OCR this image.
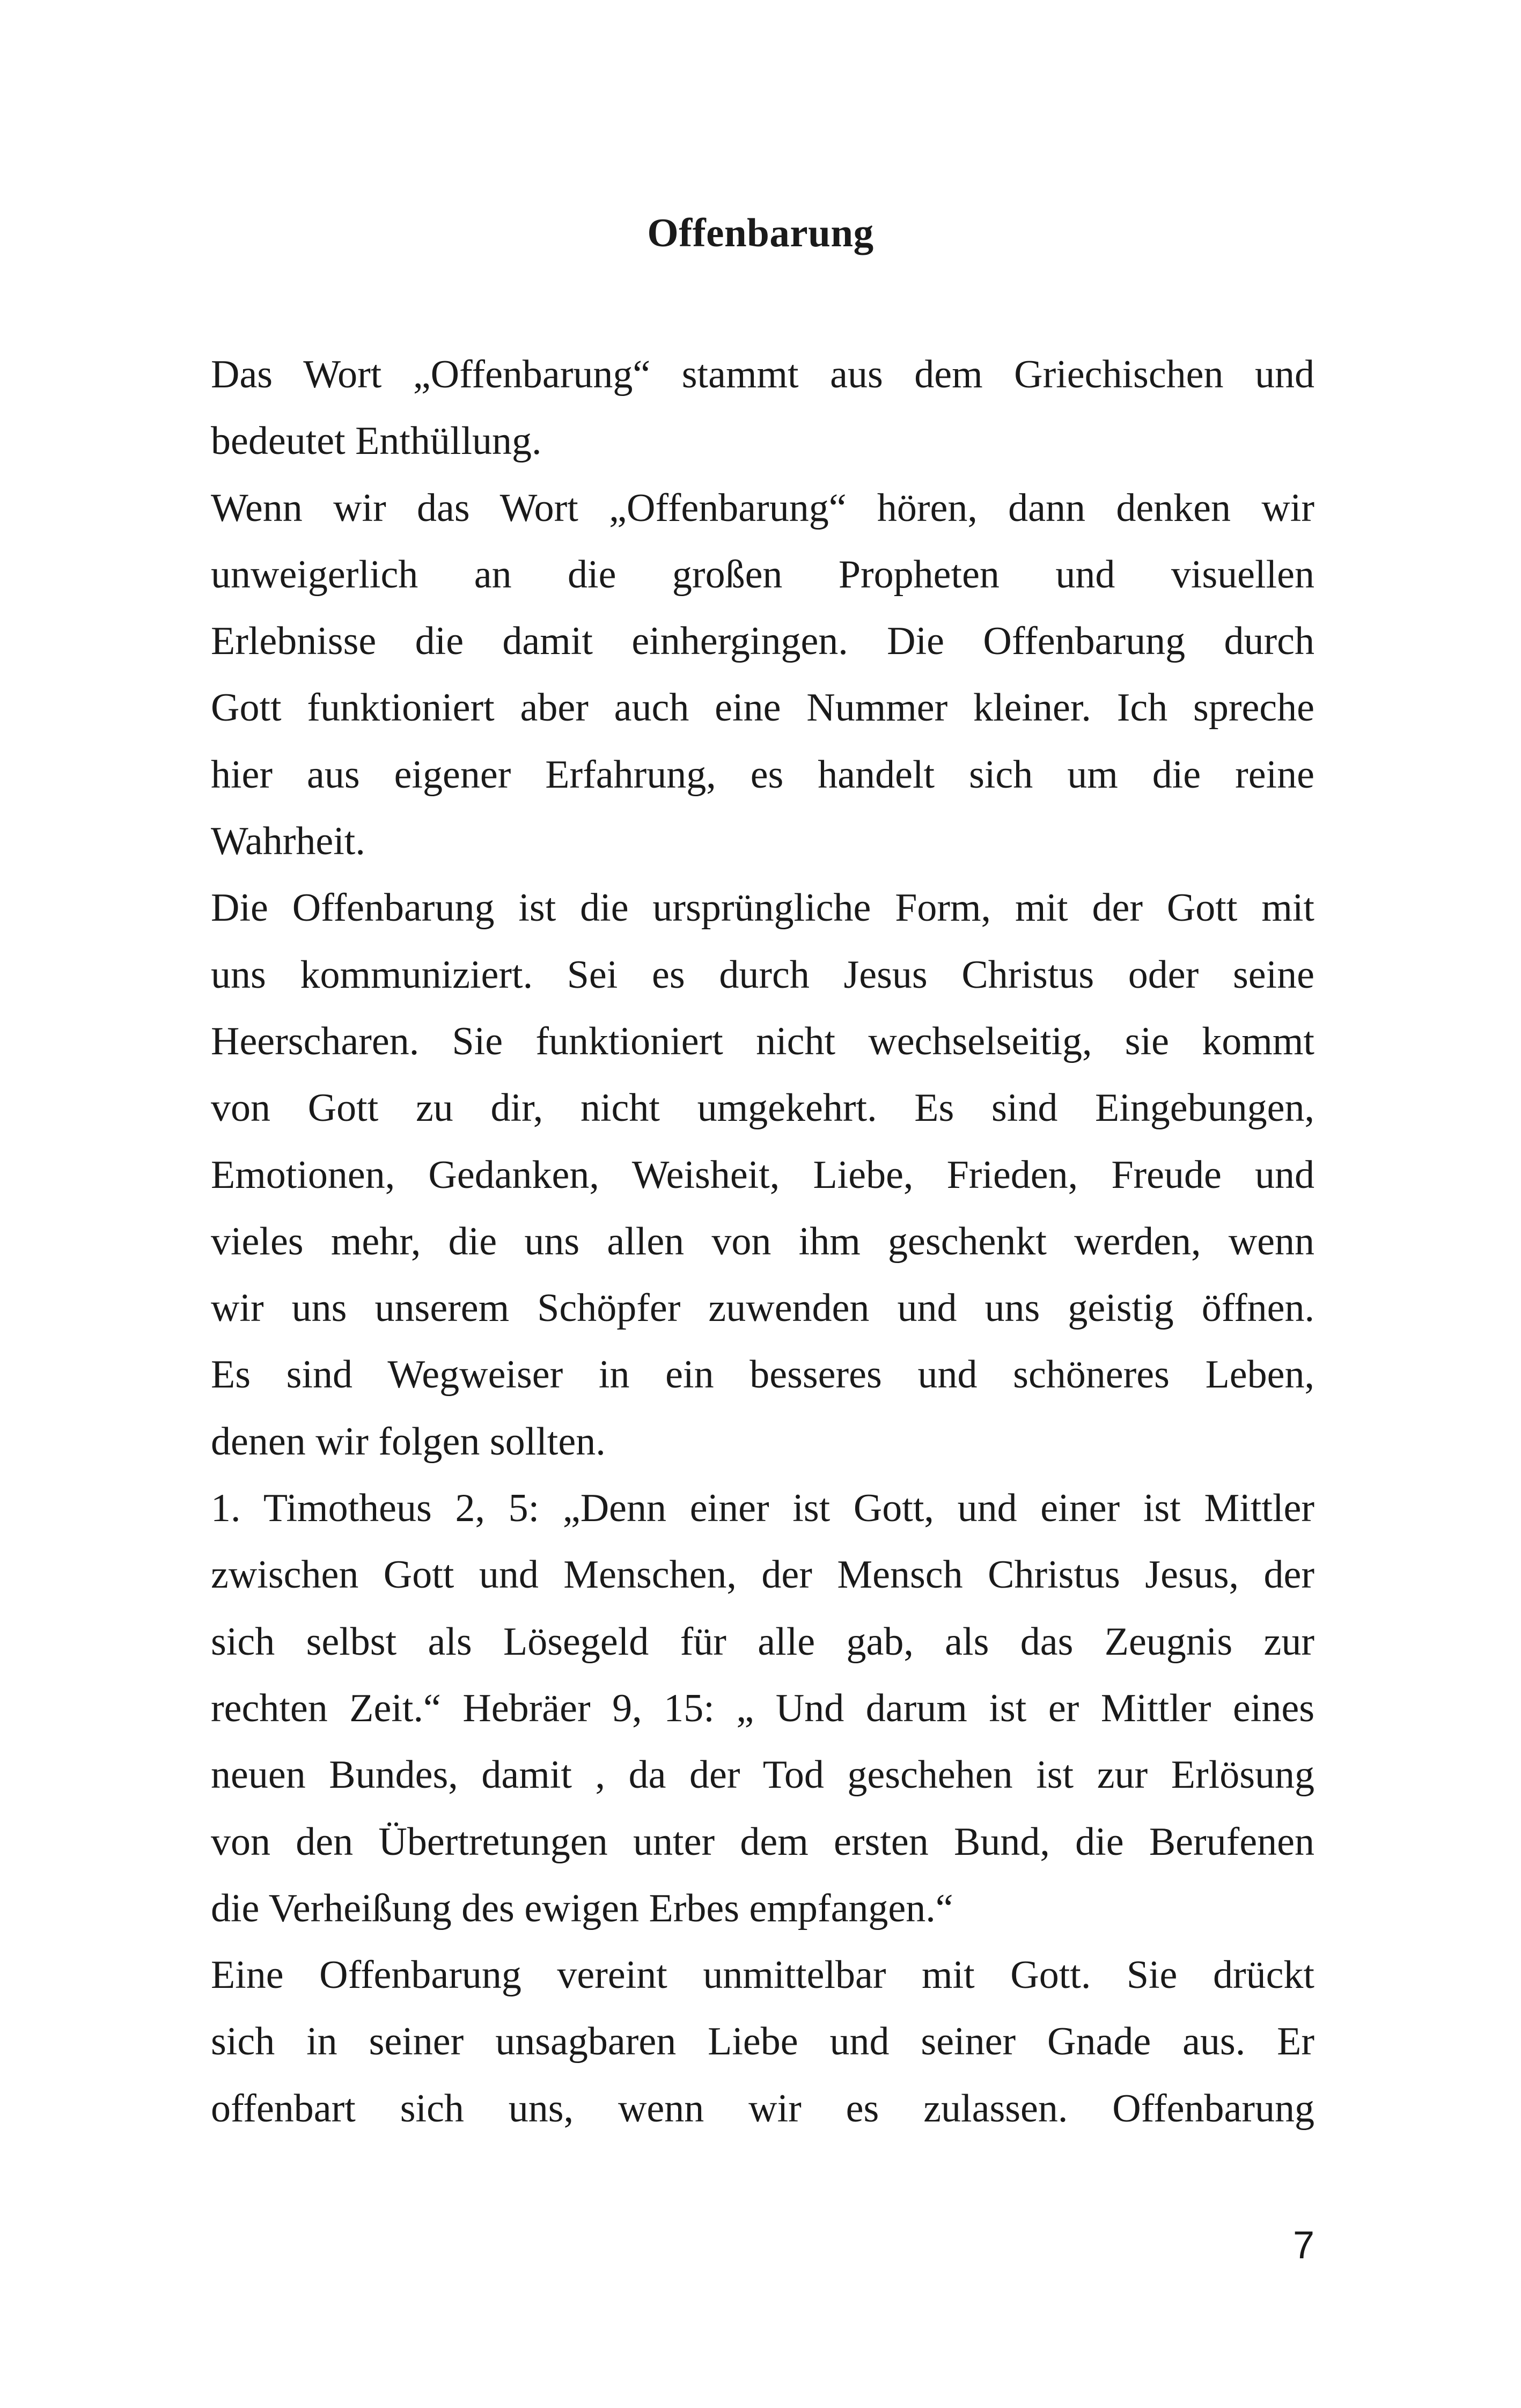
Offenbarung
Das Wort „Offenbarung“ stammt aus dem Griechischen und
bedeutet Enthüllung.
Wenn wir das Wort „Offenbarung“ hören, dann denken wir
unweigerlich an die großen Propheten und visuellen
Erlebnisse die damit einhergingen. Die Offenbarung durch
Gott funktioniert aber auch eine Nummer kleiner. Ich spreche
hier aus eigener Erfahrung, es handelt sich um die reine
Wahrheit.
Die Offenbarung ist die ursprüngliche Form, mit der Gott mit
uns kommuniziert. Sei es durch Jesus Christus oder seine
Heerscharen. Sie funktioniert nicht wechselseitig, sie kommt
von Gott zu dir, nicht umgekehrt. Es sind Eingebungen,
Emotionen, Gedanken, Weisheit, Liebe, Frieden, Freude und
vieles mehr, die uns allen von ihm geschenkt werden, wenn
wir uns unserem Schöpfer zuwenden und uns geistig öffnen.
Es sind Wegweiser in ein besseres und schöneres Leben,
denen wir folgen sollten.
1. Timotheus 2, 5: „Denn einer ist Gott, und einer ist Mittler
zwischen Gott und Menschen, der Mensch Christus Jesus, der
sich selbst als Lösegeld für alle gab, als das Zeugnis zur
rechten Zeit.“ Hebräer 9, 15: „ Und darum ist er Mittler eines
neuen Bundes, damit , da der Tod geschehen ist zur Erlösung
von den Übertretungen unter dem ersten Bund, die Berufenen
die Verheißung des ewigen Erbes empfangen.“
Eine Offenbarung vereint unmittelbar mit Gott. Sie drückt
sich in seiner unsagbaren Liebe und seiner Gnade aus. Er
offenbart sich uns, wenn wir es zulassen. Offenbarung
7
